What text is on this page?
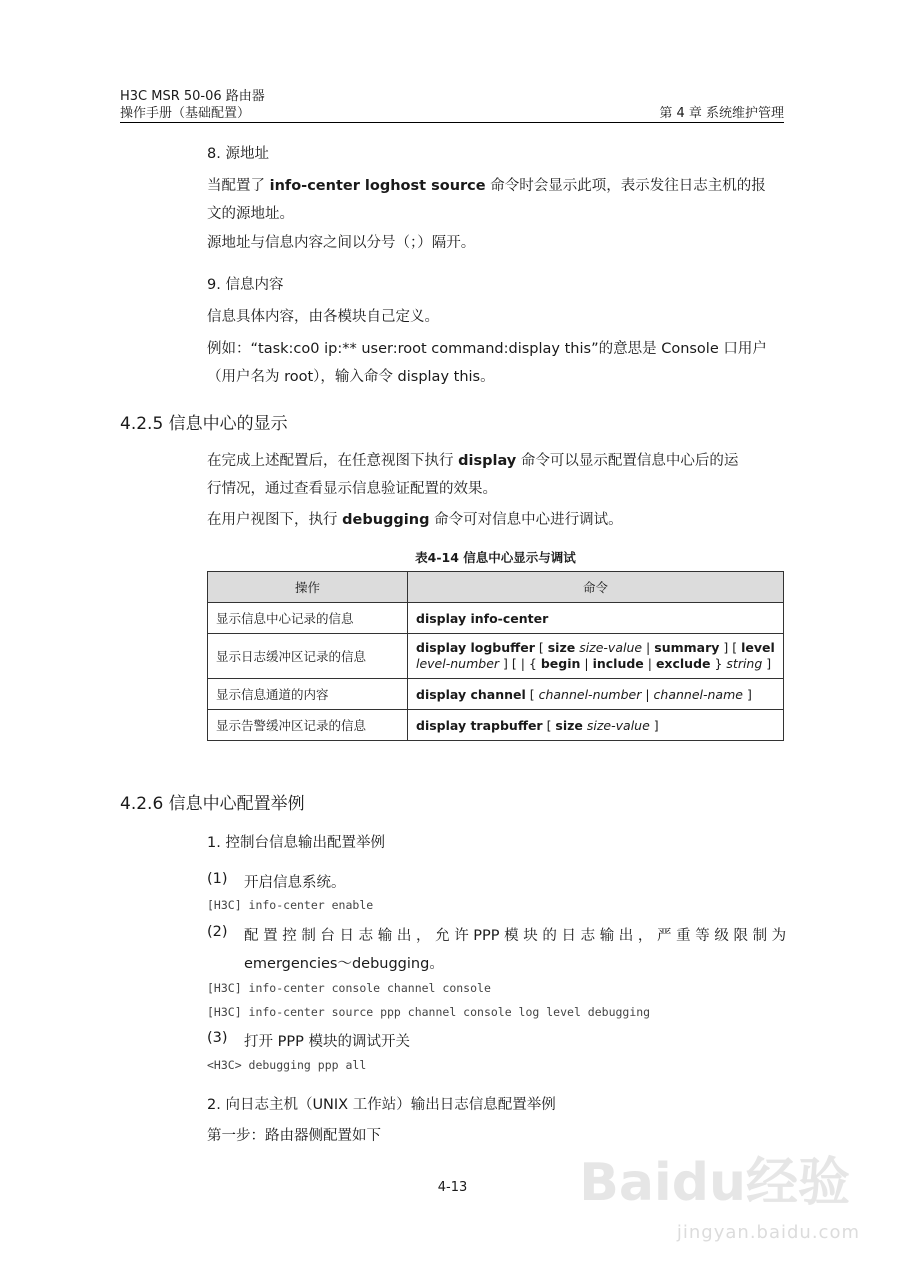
H3C MSR 50-06 路由器
操作手册（基础配置）	第 4 章 系统维护管理
8. 源地址
当配置了 info-center loghost source 命令时会显示此项，表示发往日志主机的报
文的源地址。
源地址与信息内容之间以分号（；）隔开。
9. 信息内容
信息具体内容，由各模块自己定义。
例如：“task:co0 ip:** user:root command:display this”的意思是 Console 口用户
（用户名为 root），输入命令 display this。
4.2.5 信息中心的显示
在完成上述配置后，在任意视图下执行 display 命令可以显示配置信息中心后的运
行情况，通过查看显示信息验证配置的效果。
在用户视图下，执行 debugging 命令可对信息中心进行调试。
表4-14 信息中心显示与调试
操作	命令
显示信息中心记录的信息	display info-center
显示日志缓冲区记录的信息	display logbuffer [ size size-value | summary ] [ level
level-number ] [ | { begin | include | exclude } string ]
显示信息通道的内容	display channel [ channel-number | channel-name ]
显示告警缓冲区记录的信息	display trapbuffer [ size size-value ]
4.2.6 信息中心配置举例
1. 控制台信息输出配置举例
(1) 开启信息系统。
[H3C] info-center enable
(2) 配 置 控 制 台 日 志 输 出 ， 允 许 PPP 模 块 的 日 志 输 出 ， 严 重 等 级 限 制 为
emergencies～debugging。
[H3C] info-center console channel console
[H3C] info-center source ppp channel console log level debugging
(3) 打开 PPP 模块的调试开关
<H3C> debugging ppp all
2. 向日志主机（UNIX 工作站）输出日志信息配置举例
第一步：路由器侧配置如下
4-13	Baidu经验
jingyan.baidu.com
